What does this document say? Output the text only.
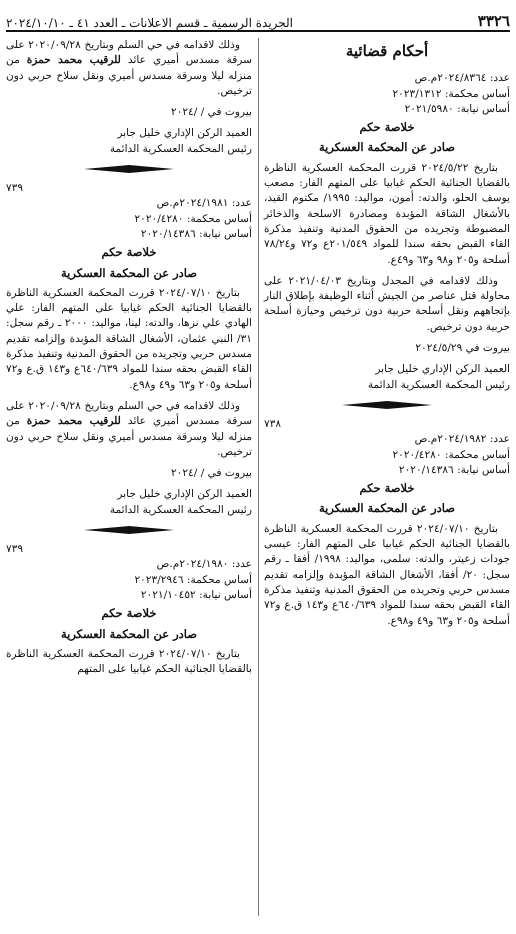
٣٣٢٦
الجريدة الرسمية ـ قسم الاعلانات ـ العدد ٤١ ـ ٢٠٢٤/١٠/١٠

أحكام قضائية

عدد: ٢٠٢٤/٨٣٦٤م.ص

أساس محكمة: ٢٠٢٣/١٣١٢

أساس نيابة: ٢٠٢١/٥٩٨٠

خلاصة حكم

صادر عن المحكمة العسكرية

بتاريخ ٢٠٢٤/٥/٢٢ قررت المحكمة العسكرية الناظرة بالقضايا الجنائية الحكم غيابيا على المتهم الفار: مصعب يوسف الحلو، والدته: أمون، مواليد: ١٩٩٥/ مكتوم القيد، بالأشغال الشاقة المؤبدة ومصادرة الاسلحة والذخائر المضبوطة وتجريده من الحقوق المدنية وتنفيذ مذكرة القاء القبض بحقه سندا للمواد ٢٠١/٥٤٩ع و٧٢ و٧٨/٢٤ أسلحة و٢٠٥ و٩٨ و٦٣ و٤٩ع.

وذلك لاقدامه في المجدل وبتاريخ ٢٠٢١/٠٤/٠٣ على محاولة قتل عناصر من الجيش أثناء الوظيفة بإطلاق النار بإتجاههم ونقل أسلحة حربية دون ترخيص وحيازة أسلحة حربية دون ترخيص.

بيروت في ٢٠٢٤/٥/٢٩

العميد الركن الإداري خليل جابر

رئيس المحكمة العسكرية الدائمة

٧٣٨

عدد: ٢٠٢٤/١٩٨٢م.ص

أساس محكمة: ٢٠٢٠/٤٢٨٠

أساس نيابة: ٢٠٢٠/١٤٣٨٦

خلاصة حكم

صادر عن المحكمة العسكرية

بتاريخ ٢٠٢٤/٠٧/١٠ قررت المحكمة العسكرية الناظرة بالقضايا الجنائية الحكم غيابيا على المتهم الفار: عيسى جودات زعيتر، والدته: سلمى، مواليد: ١٩٩٨/ أفقا ـ رقم سجل: ٢٠/ أفقا، الأشغال الشاقة المؤبدة وإلزامه تقديم مسدس حربي وتجريده من الحقوق المدنية وتنفيذ مذكرة القاء القبض بحقه سندا للمواد ٦٤٠/٦٣٩ع و١٤٣ ق.ع و٧٢ أسلحة و٢٠٥ و٦٣ و٤٩ و٩٨ع.

وذلك لاقدامه في حي السلم وبتاريخ ٢٠٢٠/٠٩/٢٨ على سرقة مسدس أميري عائد للرقيب محمد حمزة من منزله ليلا وسرقة مسدس أميري ونقل سلاح حربي دون ترخيص.

بيروت في / /٢٠٢٤

العميد الركن الإداري خليل جابر

رئيس المحكمة العسكرية الدائمة

٧٣٩

عدد: ٢٠٢٤/١٩٨١م.ص

أساس محكمة: ٢٠٢٠/٤٢٨٠

أساس نيابة: ٢٠٢٠/١٤٣٨٦

خلاصة حكم

صادر عن المحكمة العسكرية

بتاريخ ٢٠٢٤/٠٧/١٠ قررت المحكمة العسكرية الناظرة بالقضايا الجنائية الحكم غيابيا على المتهم الفار: علي الهادي علي نزها، والدته: لينا، مواليد: ٢٠٠٠ ـ رقم سجل: ٣١/ النبي عثمان، الأشغال الشاقة المؤبدة وإلزامه تقديم مسدس حربي وتجريده من الحقوق المدنية وتنفيذ مذكرة القاء القبض بحقه سندا للمواد ٦٤٠/٦٣٩ع و١٤٣ ق.ع و٧٢ أسلحة و٢٠٥ و٦٣ و٤٩ و٩٨ع.

وذلك لاقدامه في حي السلم وبتاريخ ٢٠٢٠/٠٩/٢٨ على سرقة مسدس أميري عائد للرقيب محمد حمزة من منزله ليلا وسرقة مسدس أميري ونقل سلاح حربي دون ترخيص.

بيروت في / /٢٠٢٤

العميد الركن الإداري خليل جابر

رئيس المحكمة العسكرية الدائمة

٧٣٩

عدد: ٢٠٢٤/١٩٨٠م.ص

أساس محكمة: ٢٠٢٣/٢٩٤٦

أساس نيابة: ٢٠٢١/١٠٤٥٢

خلاصة حكم

صادر عن المحكمة العسكرية

بتاريخ ٢٠٢٤/٠٧/١٠ قررت المحكمة العسكرية الناظرة بالقضايا الجنائية الحكم غيابيا على المتهم
